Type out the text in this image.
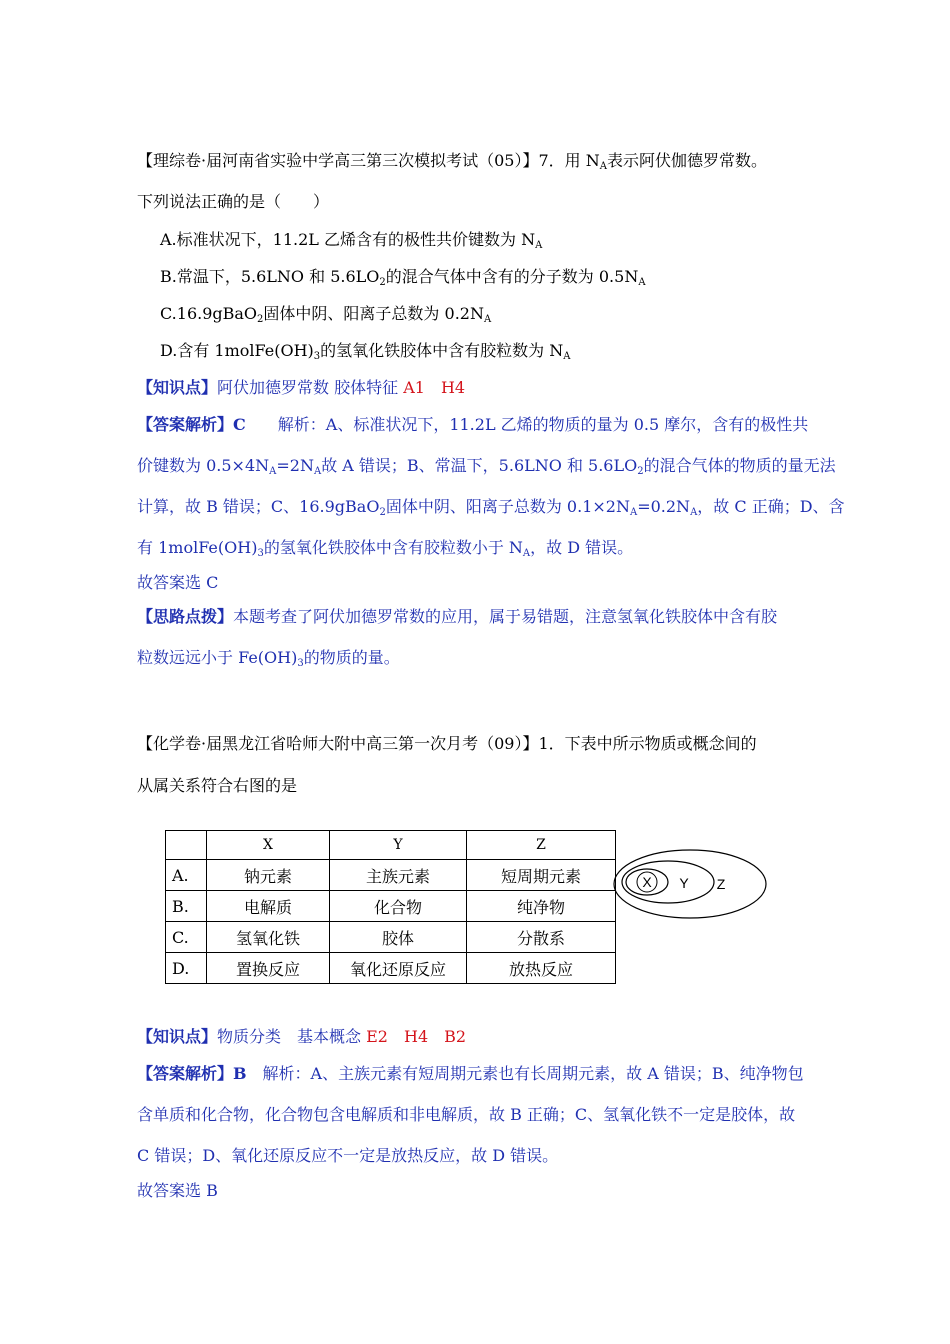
【理综卷·届河南省实验中学高三第三次模拟考试（05）】7．用 $N_A$表示阿伏伽德罗常数。
下列说法正确的是（　　）
A.标准状况下，11.2L 乙烯含有的极性共价键数为 $N_A$
B.常温下，5.6LNO 和 $5.6LO_2$的混合气体中含有的分子数为 $0.5N_A$
C.16.9gBaO$_2$固体中阴、阳离子总数为 $0.2N_A$
D.含有 $1molFe(OH)_3$的氢氧化铁胶体中含有胶粒数为 $N_A$
【知识点】阿伏加德罗常数 胶体特征 A1　H4
【答案解析】C　　 解析：A、标准状况下，11.2L 乙烯的物质的量为 0.5 摩尔，含有的极性共
价键数为 $0.5\times 4N_A=2N_A$故 A 错误；B、常温下，5.6LNO 和 $5.6LO_2$的混合气体的物质的量无法
计算，故 B 错误；C、16.9gBaO$_2$固体中阴、阳离子总数为 $0.1\times 2N_A=0.2N_A$，故 C 正确；D、含
有 $1molFe(OH)_3$的氢氧化铁胶体中含有胶粒数小于 $N_A$，故 D 错误。
故答案选 C
【思路点拨】本题考查了阿伏加德罗常数的应用，属于易错题，注意氢氧化铁胶体中含有胶
粒数远远小于 $Fe(OH)_3$的物质的量。
【化学卷·届黑龙江省哈师大附中高三第一次月考（09）】1．下表中所示物质或概念间的
从属关系符合右图的是
	X	Y	Z
A.	钠元素	主族元素	短周期元素
B.	电解质	化合物	纯净物
C.	氢氧化铁	胶体	分散系
D.	置换反应	氧化还原反应	放热反应
X Y Z
【知识点】物质分类　基本概念 E2　H4　B2
【答案解析】B　 解析：A、主族元素有短周期元素也有长周期元素，故 A 错误；B、纯净物包
含单质和化合物，化合物包含电解质和非电解质，故 B 正确；C、氢氧化铁不一定是胶体，故
C 错误；D、氧化还原反应不一定是放热反应，故 D 错误。
故答案选 B
